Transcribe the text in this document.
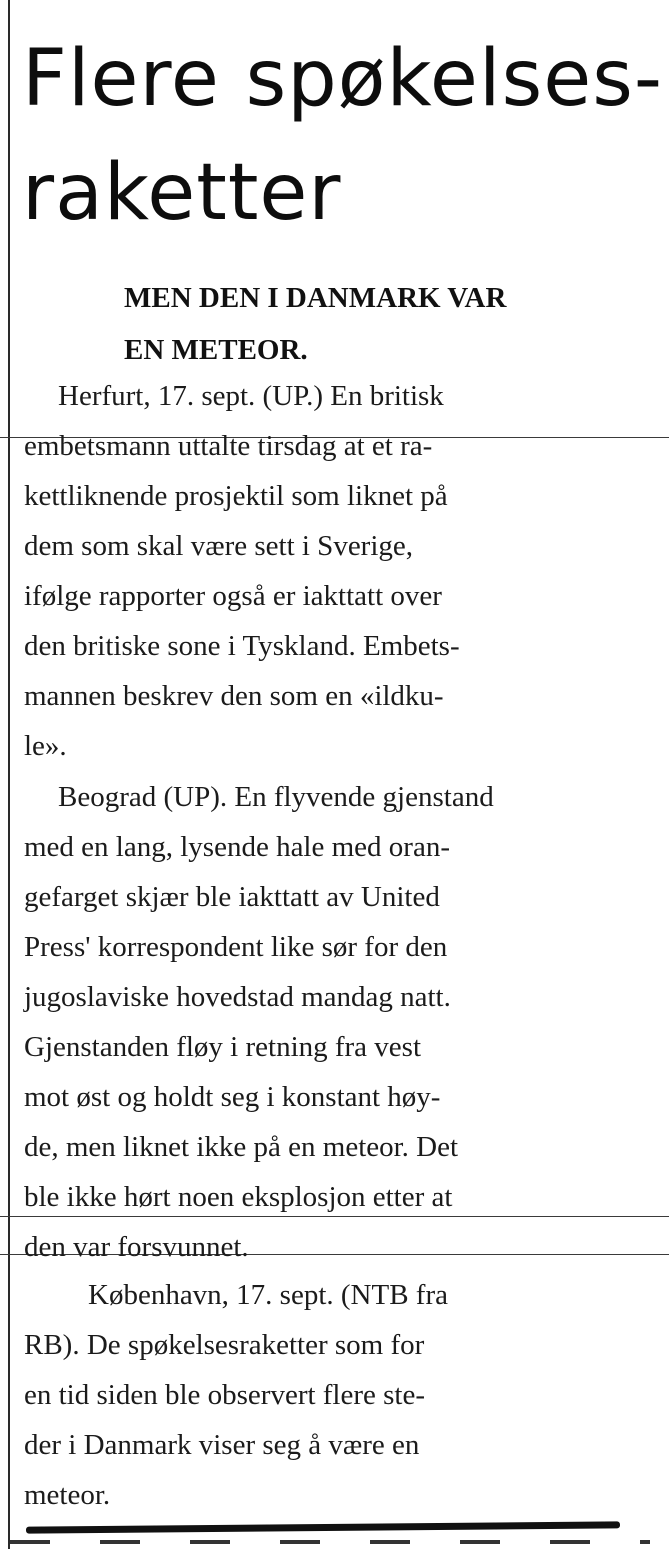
Flere spøkelses-
raketter
MEN DEN I DANMARK VAR
EN METEOR.
Herfurt, 17. sept. (UP.) En britisk
embetsmann uttalte tirsdag at et ra-
kettliknende prosjektil som liknet på
dem som skal være sett i Sverige,
ifølge rapporter også er iakttatt over
den britiske sone i Tyskland. Embets-
mannen beskrev den som en «ildku-
le».
Beograd (UP). En flyvende gjenstand
med en lang, lysende hale med oran-
gefarget skjær ble iakttatt av United
Press' korrespondent like sør for den
jugoslaviske hovedstad mandag natt.
Gjenstanden fløy i retning fra vest
mot øst og holdt seg i konstant høy-
de, men liknet ikke på en meteor. Det
ble ikke hørt noen eksplosjon etter at
den var forsvunnet.
København, 17. sept. (NTB fra
RB). De spøkelsesraketter som for
en tid siden ble observert flere ste-
der i Danmark viser seg å være en
meteor.
